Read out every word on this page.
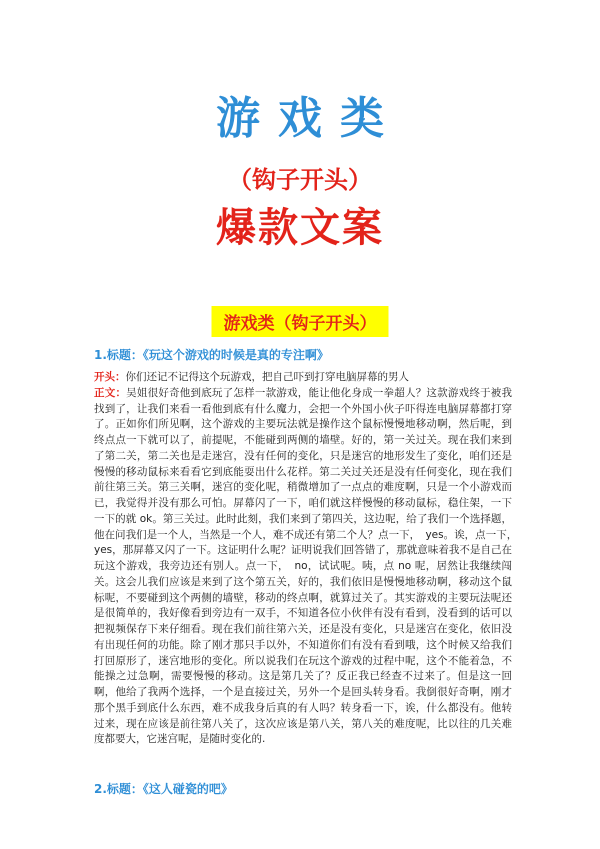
游戏类
（钩子开头）
爆款文案
游戏类（钩子开头）
1.标题：《玩这个游戏的时候是真的专注啊》

开头：你们还记不记得这个玩游戏，把自己吓到打穿电脑屏幕的男人

正文：吴姐很好奇他到底玩了怎样一款游戏，能让他化身成一拳超人？这款游戏终于被我找到了，让我们来看一看他到底有什么魔力，会把一个外国小伙子吓得连电脑屏幕都打穿了。正如你们所见啊，这个游戏的主要玩法就是操作这个鼠标慢慢地移动啊，然后呢，到终点点一下就可以了，前提呢，不能碰到两侧的墙壁。好的，第一关过关。现在我们来到了第二关，第二关也是走迷宫，没有任何的变化，只是迷宫的地形发生了变化，咱们还是慢慢的移动鼠标来看看它到底能耍出什么花样。第二关过关还是没有任何变化，现在我们前往第三关。第三关啊，迷宫的变化呢，稍微增加了一点点的难度啊，只是一个小游戏而已，我觉得并没有那么可怕。屏幕闪了一下，咱们就这样慢慢的移动鼠标，稳住架，一下一下的就 ok。第三关过。此时此刻，我们来到了第四关，这边呢，给了我们一个选择题，他在问我们是一个人，当然是一个人，难不成还有第二个人？点一下，　yes。诶，点一下，　yes，那屏幕又闪了一下。这证明什么呢？证明说我们回答错了，那就意味着我不是自己在玩这个游戏，我旁边还有别人。点一下，　no，试试呢。咦，点 no 呢，居然让我继续闯关。这会儿我们应该是来到了这个第五关，好的，我们依旧是慢慢地移动啊，移动这个鼠标呢，不要碰到这个两侧的墙壁，移动的终点啊，就算过关了。其实游戏的主要玩法呢还是很简单的，我好像看到旁边有一双手，不知道各位小伙伴有没有看到，没看到的话可以把视频保存下来仔细看。现在我们前往第六关，还是没有变化，只是迷宫在变化，依旧没有出现任何的功能。除了刚才那只手以外，不知道你们有没有看到哦，这个时候又给我们打回原形了，迷宫地形的变化。所以说我们在玩这个游戏的过程中呢，这个不能着急，不能操之过急啊，需要慢慢的移动。这是第几关了？反正我已经查不过来了。但是这一回啊，他给了我两个选择，一个是直接过关，另外一个是回头转身看。我倒很好奇啊，刚才那个黑手到底什么东西，难不成我身后真的有人吗？转身看一下，诶，什么都没有。他转过来，现在应该是前往第八关了，这次应该是第八关，第八关的难度呢，比以往的几关难度都要大，它迷宫呢，是随时变化的.

2.标题：《这人碰瓷的吧》
